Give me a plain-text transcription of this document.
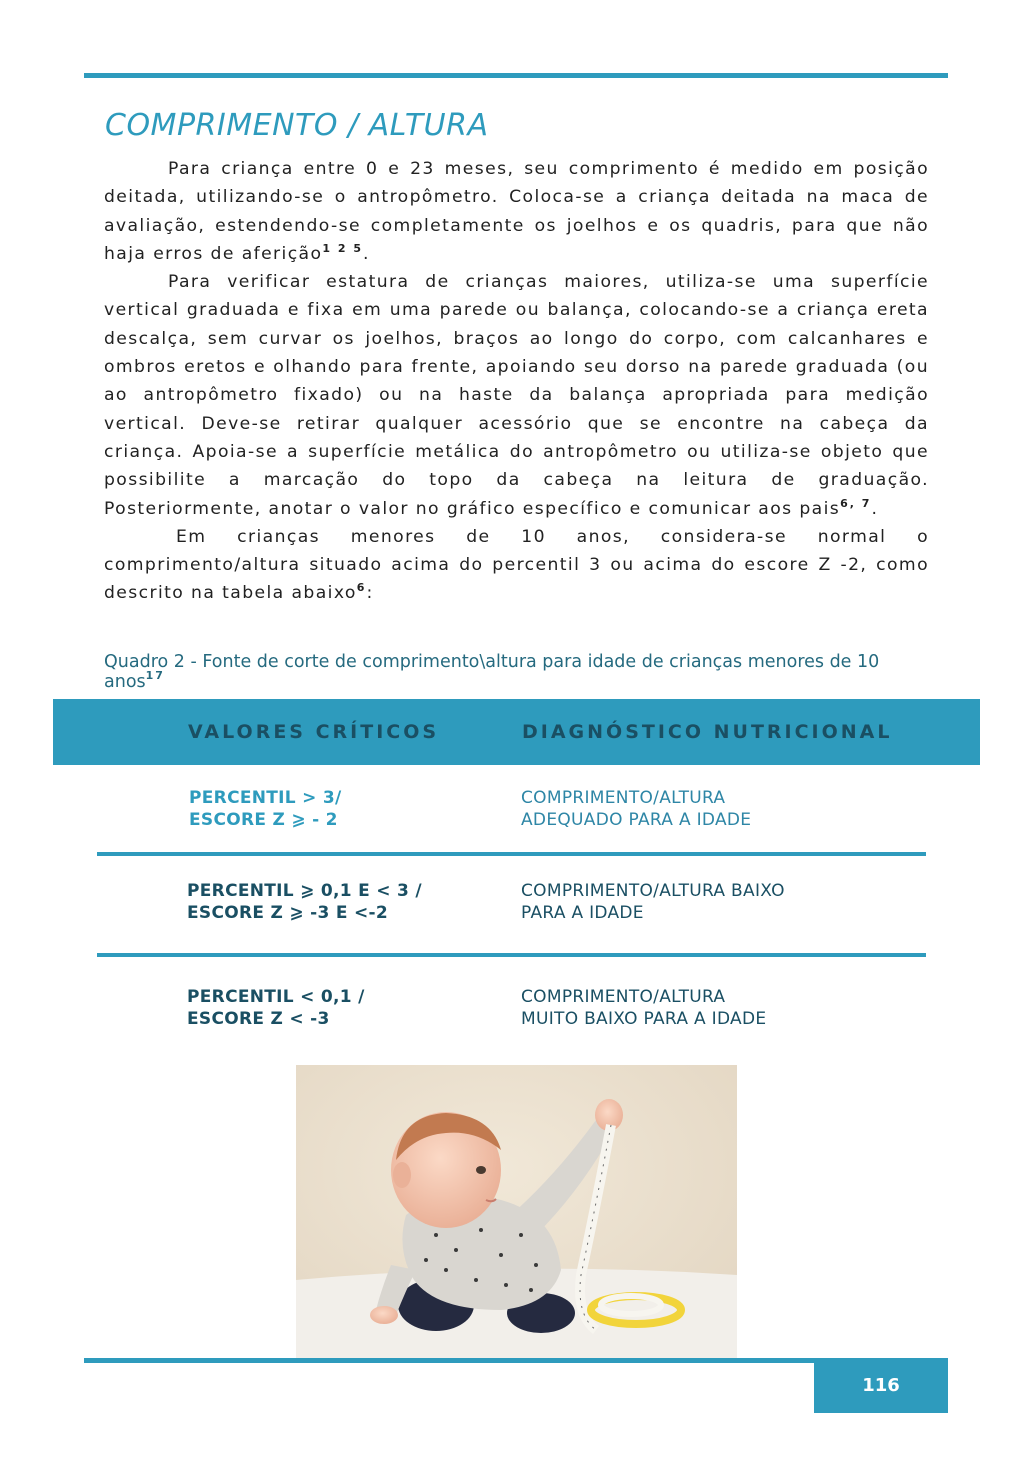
COMPRIMENTO / ALTURA

Para criança entre 0 e 23 meses, seu comprimento é medido em posição deitada, utilizando-se o antropômetro. Coloca-se a criança deitada na maca de avaliação, estendendo-se completamente os joelhos e os quadris, para que não haja erros de aferição$^{1 2 5}$.

Para verificar estatura de crianças maiores, utiliza-se uma superfície vertical graduada e fixa em uma parede ou balança, colocando-se a criança ereta descalça, sem curvar os joelhos, braços ao longo do corpo, com calcanhares e ombros eretos e olhando para frente, apoiando seu dorso na parede graduada (ou ao antropômetro fixado) ou na haste da balança apropriada para medição vertical. Deve-se retirar qualquer acessório que se encontre na cabeça da criança. Apoia-se a superfície metálica do antropômetro ou utiliza-se objeto que possibilite a marcação do topo da cabeça na leitura de graduação. Posteriormente, anotar o valor no gráfico específico e comunicar aos pais$^{6, 7}$.

Em crianças menores de 10 anos, considera-se normal o comprimento/altura situado acima do percentil 3 ou acima do escore Z -2, como descrito na tabela abaixo$^6$:

Quadro 2 - Fonte de corte de comprimento\altura para idade de crianças menores de 10 anos$^{17}$
VALORES CRÍTICOS	DIAGNÓSTICO NUTRICIONAL
PERCENTIL > 3/
ESCORE Z ⩾ - 2
COMPRIMENTO/ALTURA
ADEQUADO PARA A IDADE
PERCENTIL ⩾ 0,1 E < 3 /
ESCORE Z ⩾ -3 E <-2
COMPRIMENTO/ALTURA BAIXO
PARA A IDADE
PERCENTIL < 0,1 /
ESCORE Z < -3
COMPRIMENTO/ALTURA
MUITO BAIXO PARA A IDADE
116
